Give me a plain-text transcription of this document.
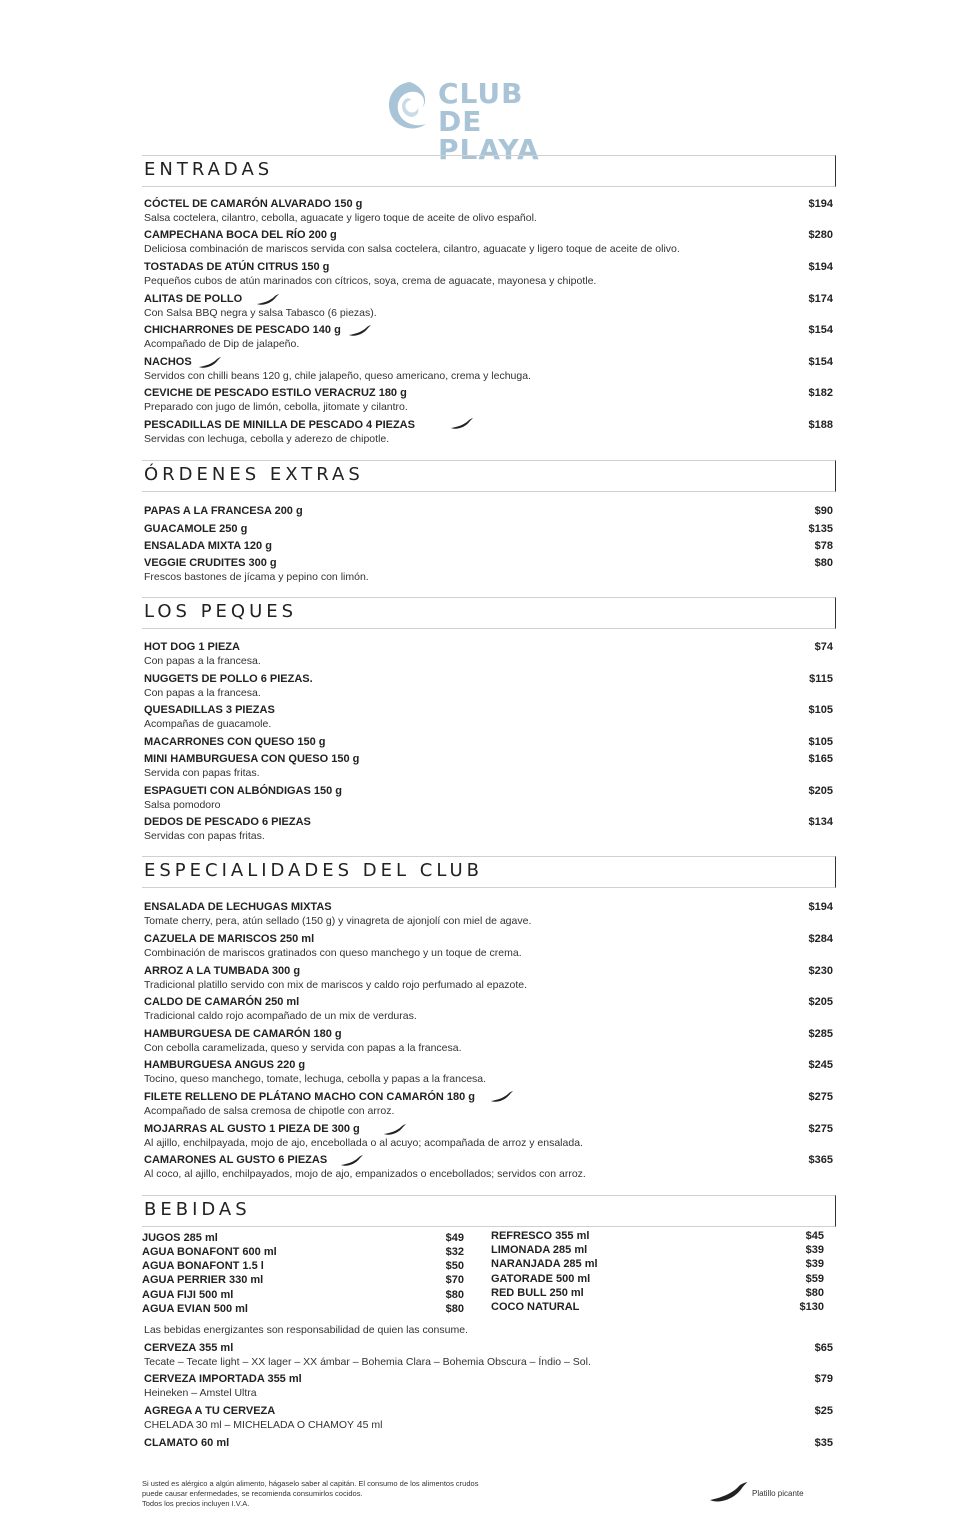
CLUB
DE PLAYA
ENTRADAS
ÓRDENES EXTRAS
LOS PEQUES
ESPECIALIDADES DEL CLUB
BEBIDAS
CÓCTEL DE CAMARÓN ALVARADO 150 g
Salsa coctelera, cilantro, cebolla, aguacate y ligero toque de aceite de olivo español.
$194
CAMPECHANA BOCA DEL RÍO 200 g
Deliciosa combinación de mariscos servida con salsa coctelera, cilantro, aguacate y ligero toque de aceite de olivo.
$280
TOSTADAS DE ATÚN CITRUS 150 g
Pequeños cubos de atún marinados con cítricos, soya, crema de aguacate, mayonesa y chipotle.
$194
ALITAS DE POLLO
Con Salsa BBQ negra y salsa Tabasco (6 piezas).
$174
CHICHARRONES DE PESCADO 140 g
Acompañado de Dip de jalapeño.
$154
NACHOS
Servidos con chilli beans 120 g, chile jalapeño, queso americano, crema y lechuga.
$154
CEVICHE DE PESCADO ESTILO VERACRUZ 180 g
Preparado con jugo de limón, cebolla, jitomate y cilantro.
$182
PESCADILLAS DE MINILLA DE PESCADO 4 PIEZAS
Servidas con lechuga, cebolla y aderezo de chipotle.
$188
PAPAS A LA FRANCESA 200 g	$90
GUACAMOLE 250 g	$135
ENSALADA MIXTA 120 g	$78
VEGGIE CRUDITES 300 g
Frescos bastones de jícama y pepino con limón.
$80
HOT DOG 1 PIEZA
Con papas a la francesa.
$74
NUGGETS DE POLLO 6 PIEZAS.
Con papas a la francesa.
$115
QUESADILLAS 3 PIEZAS
Acompañas de guacamole.
$105
MACARRONES CON QUESO 150 g	$105
MINI HAMBURGUESA CON QUESO 150 g
Servida con papas fritas.
$165
ESPAGUETI CON ALBÓNDIGAS 150 g
Salsa pomodoro
$205
DEDOS DE PESCADO 6 PIEZAS
Servidas con papas fritas.
$134
ENSALADA DE LECHUGAS MIXTAS
Tomate cherry, pera, atún sellado (150 g) y vinagreta de ajonjolí con miel de agave.
$194
CAZUELA DE MARISCOS 250 ml
Combinación de mariscos gratinados con queso manchego y un toque de crema.
$284
ARROZ A LA TUMBADA 300 g
Tradicional platillo servido con mix de mariscos y caldo rojo perfumado al epazote.
$230
CALDO DE CAMARÓN 250 ml
Tradicional caldo rojo acompañado de un mix de verduras.
$205
HAMBURGUESA DE CAMARÓN 180 g
Con cebolla caramelizada, queso y servida con papas a la francesa.
$285
HAMBURGUESA ANGUS 220 g
Tocino, queso manchego, tomate, lechuga, cebolla y papas a la francesa.
$245
FILETE RELLENO DE PLÁTANO MACHO CON CAMARÓN 180 g
Acompañado de salsa cremosa de chipotle con arroz.
$275
MOJARRAS AL GUSTO 1 PIEZA DE 300 g
Al ajillo, enchilpayada, mojo de ajo, encebollada o al acuyo; acompañada de arroz y ensalada.
$275
CAMARONES AL GUSTO 6 PIEZAS
Al coco, al ajillo, enchilpayados, mojo de ajo, empanizados o encebollados; servidos con arroz.
$365
CERVEZA 355 ml
Tecate – Tecate light – XX lager – XX ámbar – Bohemia Clara – Bohemia Obscura – Índio – Sol.
$65
CERVEZA IMPORTADA 355 ml
Heineken – Amstel Ultra
$79
AGREGA A TU CERVEZA
CHELADA 30 ml – MICHELADA O CHAMOY 45 ml
$25
CLAMATO 60 ml	$35
JUGOS 285 ml	$49
AGUA BONAFONT 600 ml	$32
AGUA BONAFONT 1.5 l	$50
AGUA PERRIER 330 ml	$70
AGUA FIJI 500 ml	$80
AGUA EVIAN 500 ml	$80
REFRESCO 355 ml	$45
LIMONADA 285 ml	$39
NARANJADA 285 ml	$39
GATORADE 500 ml	$59
RED BULL 250 ml	$80
COCO NATURAL	$130
Las bebidas energizantes son responsabilidad de quien las consume.
Si usted es alérgico a algún alimento, hágaselo saber al capitán. El consumo de los alimentos crudos
puede causar enfermedades, se recomienda consumirlos cocidos.
Todos los precios incluyen I.V.A.
Platillo picante
